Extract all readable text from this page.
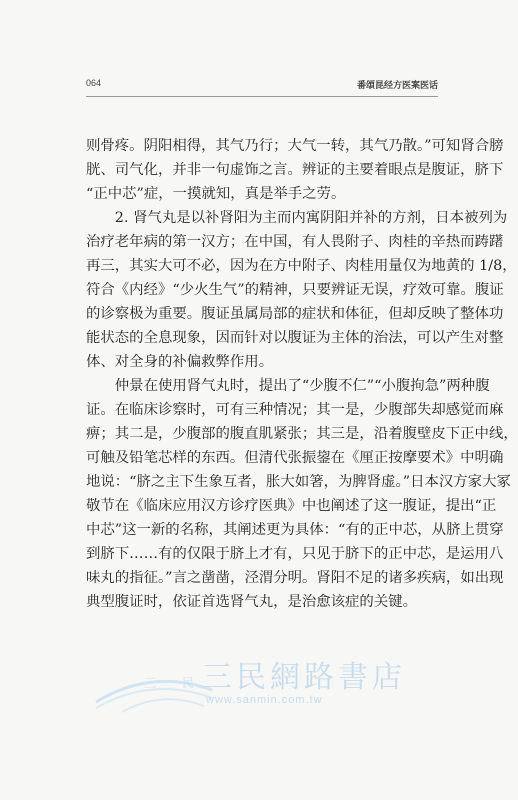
064	番頌昆经方医案医话
则骨疼。阴阳相得，其气乃行；大气一转，其气乃散。”可知肾合膀
胱、司气化，并非一句虚饰之言。辨证的主要着眼点是腹证，脐下
“正中芯”症，一摸就知，真是举手之劳。
　　2. 肾气丸是以补肾阳为主而内寓阴阳并补的方剂，日本被列为
治疗老年病的第一汉方；在中国，有人畏附子、肉桂的辛热而踌躇
再三，其实大可不必，因为在方中附子、肉桂用量仅为地黄的 1/8，
符合《内经》“少火生气”的精神，只要辨证无误，疗效可靠。腹证
的诊察极为重要。腹证虽属局部的症状和体征，但却反映了整体功
能状态的全息现象，因而针对以腹证为主体的治法，可以产生对整
体、对全身的补偏救弊作用。
　　仲景在使用肾气丸时，提出了“少腹不仁”“小腹拘急”两种腹
证。在临床诊察时，可有三种情况；其一是，少腹部失却感觉而麻
痹；其二是，少腹部的腹直肌紧张；其三是，沿着腹壁皮下正中线，
可触及铅笔芯样的东西。但清代张振鋆在《厘正按摩要术》中明确
地说：“脐之主下生象互者，胀大如箸，为脾肾虚。”日本汉方家大冢
敬节在《临床应用汉方诊疗医典》中也阐述了这一腹证，提出“正
中芯”这一新的名称，其阐述更为具体：“有的正中芯，从脐上贯穿
到脐下……有的仅限于脐上才有，只见于脐下的正中芯，是运用八
味丸的指征。”言之凿凿，泾渭分明。肾阳不足的诸多疾病，如出现
典型腹证时，依证首选肾气丸，是治愈该症的关键。
三 民 三民網路書店
www.sanmin.com.tw
